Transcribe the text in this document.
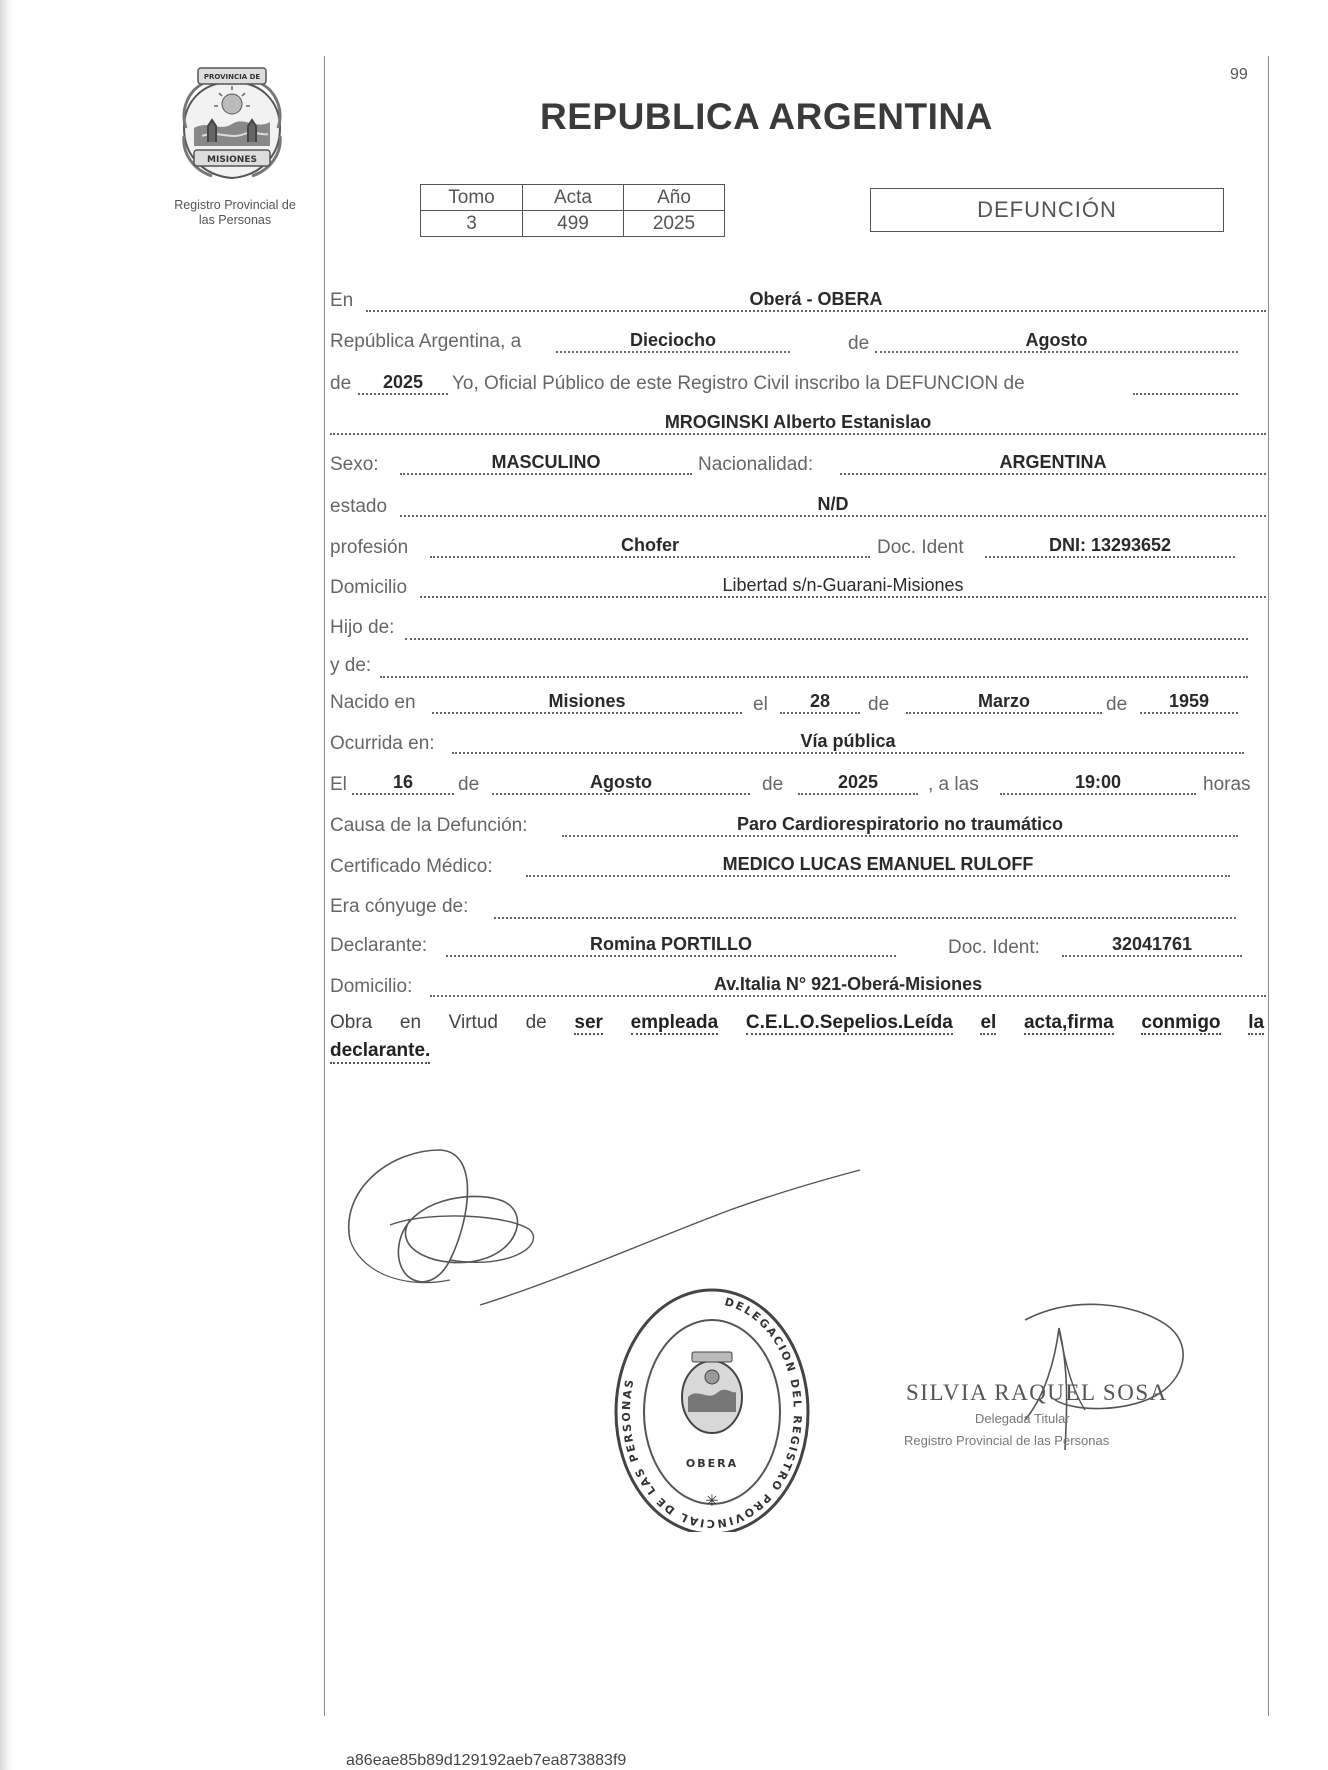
99
PROVINCIA DE
MISIONES
Registro Provincial de
las Personas
REPUBLICA ARGENTINA
Tomo	Acta	Año
3	499	2025
DEFUNCIÓN
En	Oberá - OBERA
República Argentina, a	Dieciocho	de	Agosto
de	2025	Yo, Oficial Público de este Registro Civil inscribo la DEFUNCION de
MROGINSKI Alberto Estanislao
Sexo:	MASCULINO	Nacionalidad:	ARGENTINA
estado	N/D
profesión	Chofer	Doc. Ident	DNI: 13293652
Domicilio	Libertad s/n-Guarani-Misiones
Hijo de:
y de:
Nacido en	Misiones	el	28	de	Marzo	de	1959
Ocurrida en:	Vía pública
El	16	de	Agosto	de	2025	, a las	19:00	horas
Causa de la Defunción:	Paro Cardiorespiratorio no traumático
Certificado Médico:	MEDICO LUCAS EMANUEL RULOFF
Era cónyuge de:
Declarante:	Romina PORTILLO	Doc. Ident:	32041761
Domicilio:	Av.Italia N° 921-Oberá-Misiones
Obra en Virtud de ser empleada C.E.L.O.Sepelios.Leída el acta,firma conmigo la
declarante.
DELEGACION DEL REGISTRO PROVINCIAL DE LAS PERSONAS
OBERA
✳
SILVIA RAQUEL SOSA
Delegada Titular
Registro Provincial de las Personas
a86eae85b89d129192aeb7ea873883f9
